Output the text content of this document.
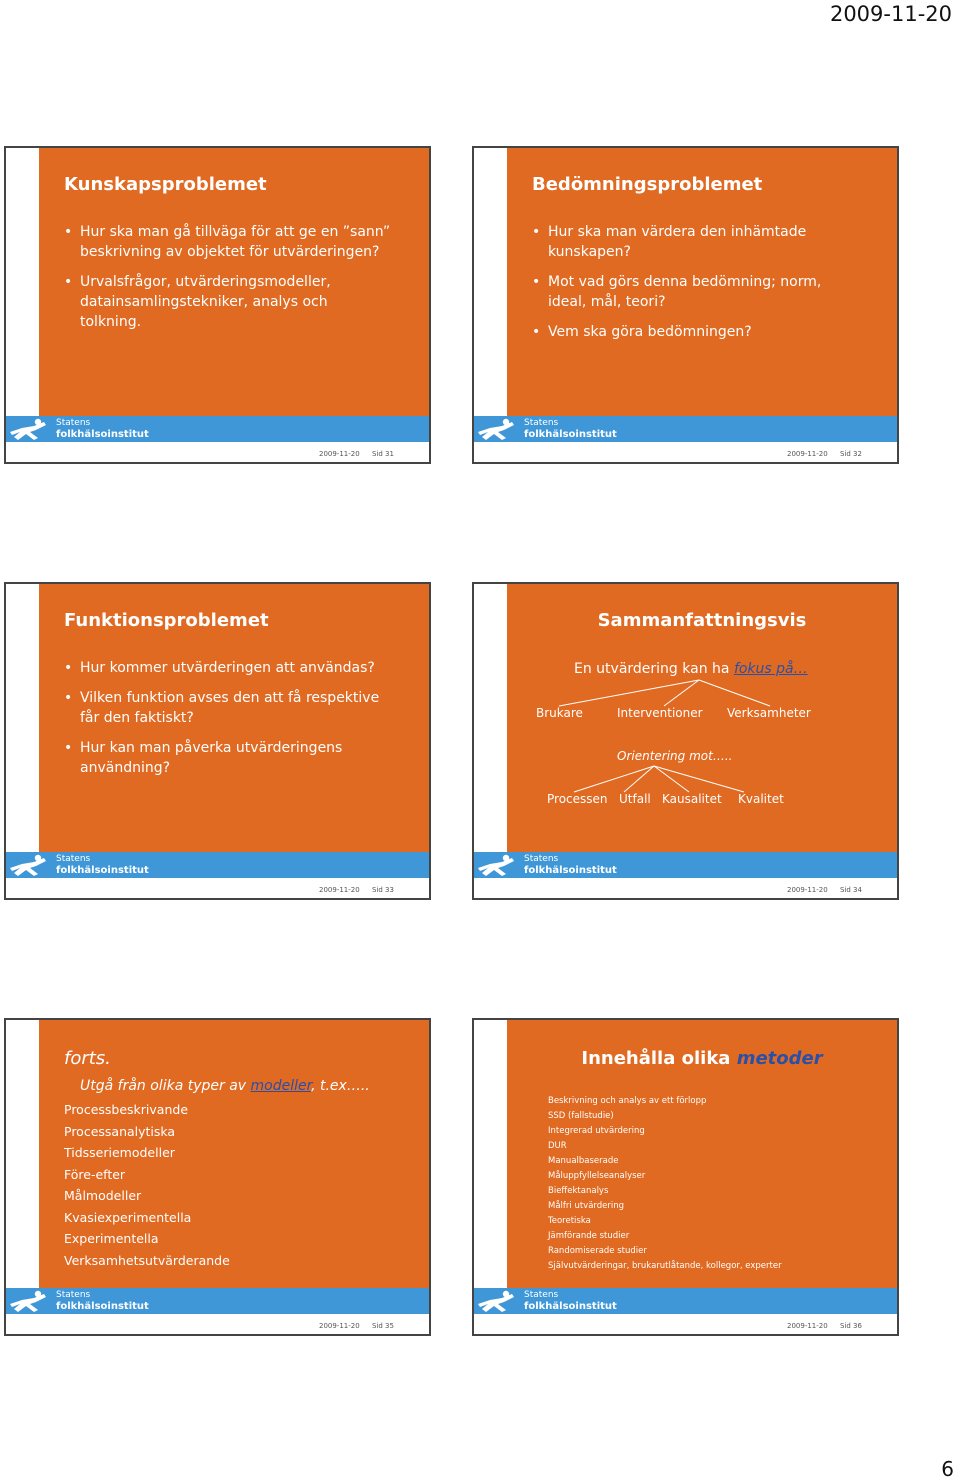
2009-11-20
Kunskapsproblemet
• Hur ska man gå tillväga för att ge en ”sann” beskrivning av objektet för utvärderingen?
• Urvalsfrågor, utvärderingsmodeller, datainsamlingstekniker, analys och tolkning.
Statens
folkhälsoinstitut
2009-11-20 Sid 31
Bedömningsproblemet
• Hur ska man värdera den inhämtade kunskapen?
• Mot vad görs denna bedömning; norm, ideal, mål, teori?
• Vem ska göra bedömningen?
Statens
folkhälsoinstitut
2009-11-20 Sid 32
Funktionsproblemet
• Hur kommer utvärderingen att användas?
• Vilken funktion avses den att få respektive får den faktiskt?
• Hur kan man påverka utvärderingens användning?
Statens
folkhälsoinstitut
2009-11-20 Sid 33
Sammanfattningsvis
En utvärdering kan ha fokus på…
Brukare	Interventioner Verksamheter
Orientering mot…..
Processen Utfall Kausalitet Kvalitet
Statens
folkhälsoinstitut
2009-11-20 Sid 34
forts.
Utgå från olika typer av modeller, t.ex…..
Processbeskrivande
Processanalytiska
Tidsseriemodeller
Före-efter
Målmodeller
Kvasiexperimentella
Experimentella
Verksamhetsutvärderande
Statens
folkhälsoinstitut
2009-11-20 Sid 35
Innehålla olika metoder
Beskrivning och analys av ett förlopp
SSD (fallstudie)
Integrerad utvärdering
DUR
Manualbaserade
Måluppfyllelseanalyser
Bieffektanalys
Målfri utvärdering
Teoretiska
Jämförande studier
Randomiserade studier
Självutvärderingar, brukarutlåtande, kollegor, experter
Statens
folkhälsoinstitut
2009-11-20 Sid 36
6
